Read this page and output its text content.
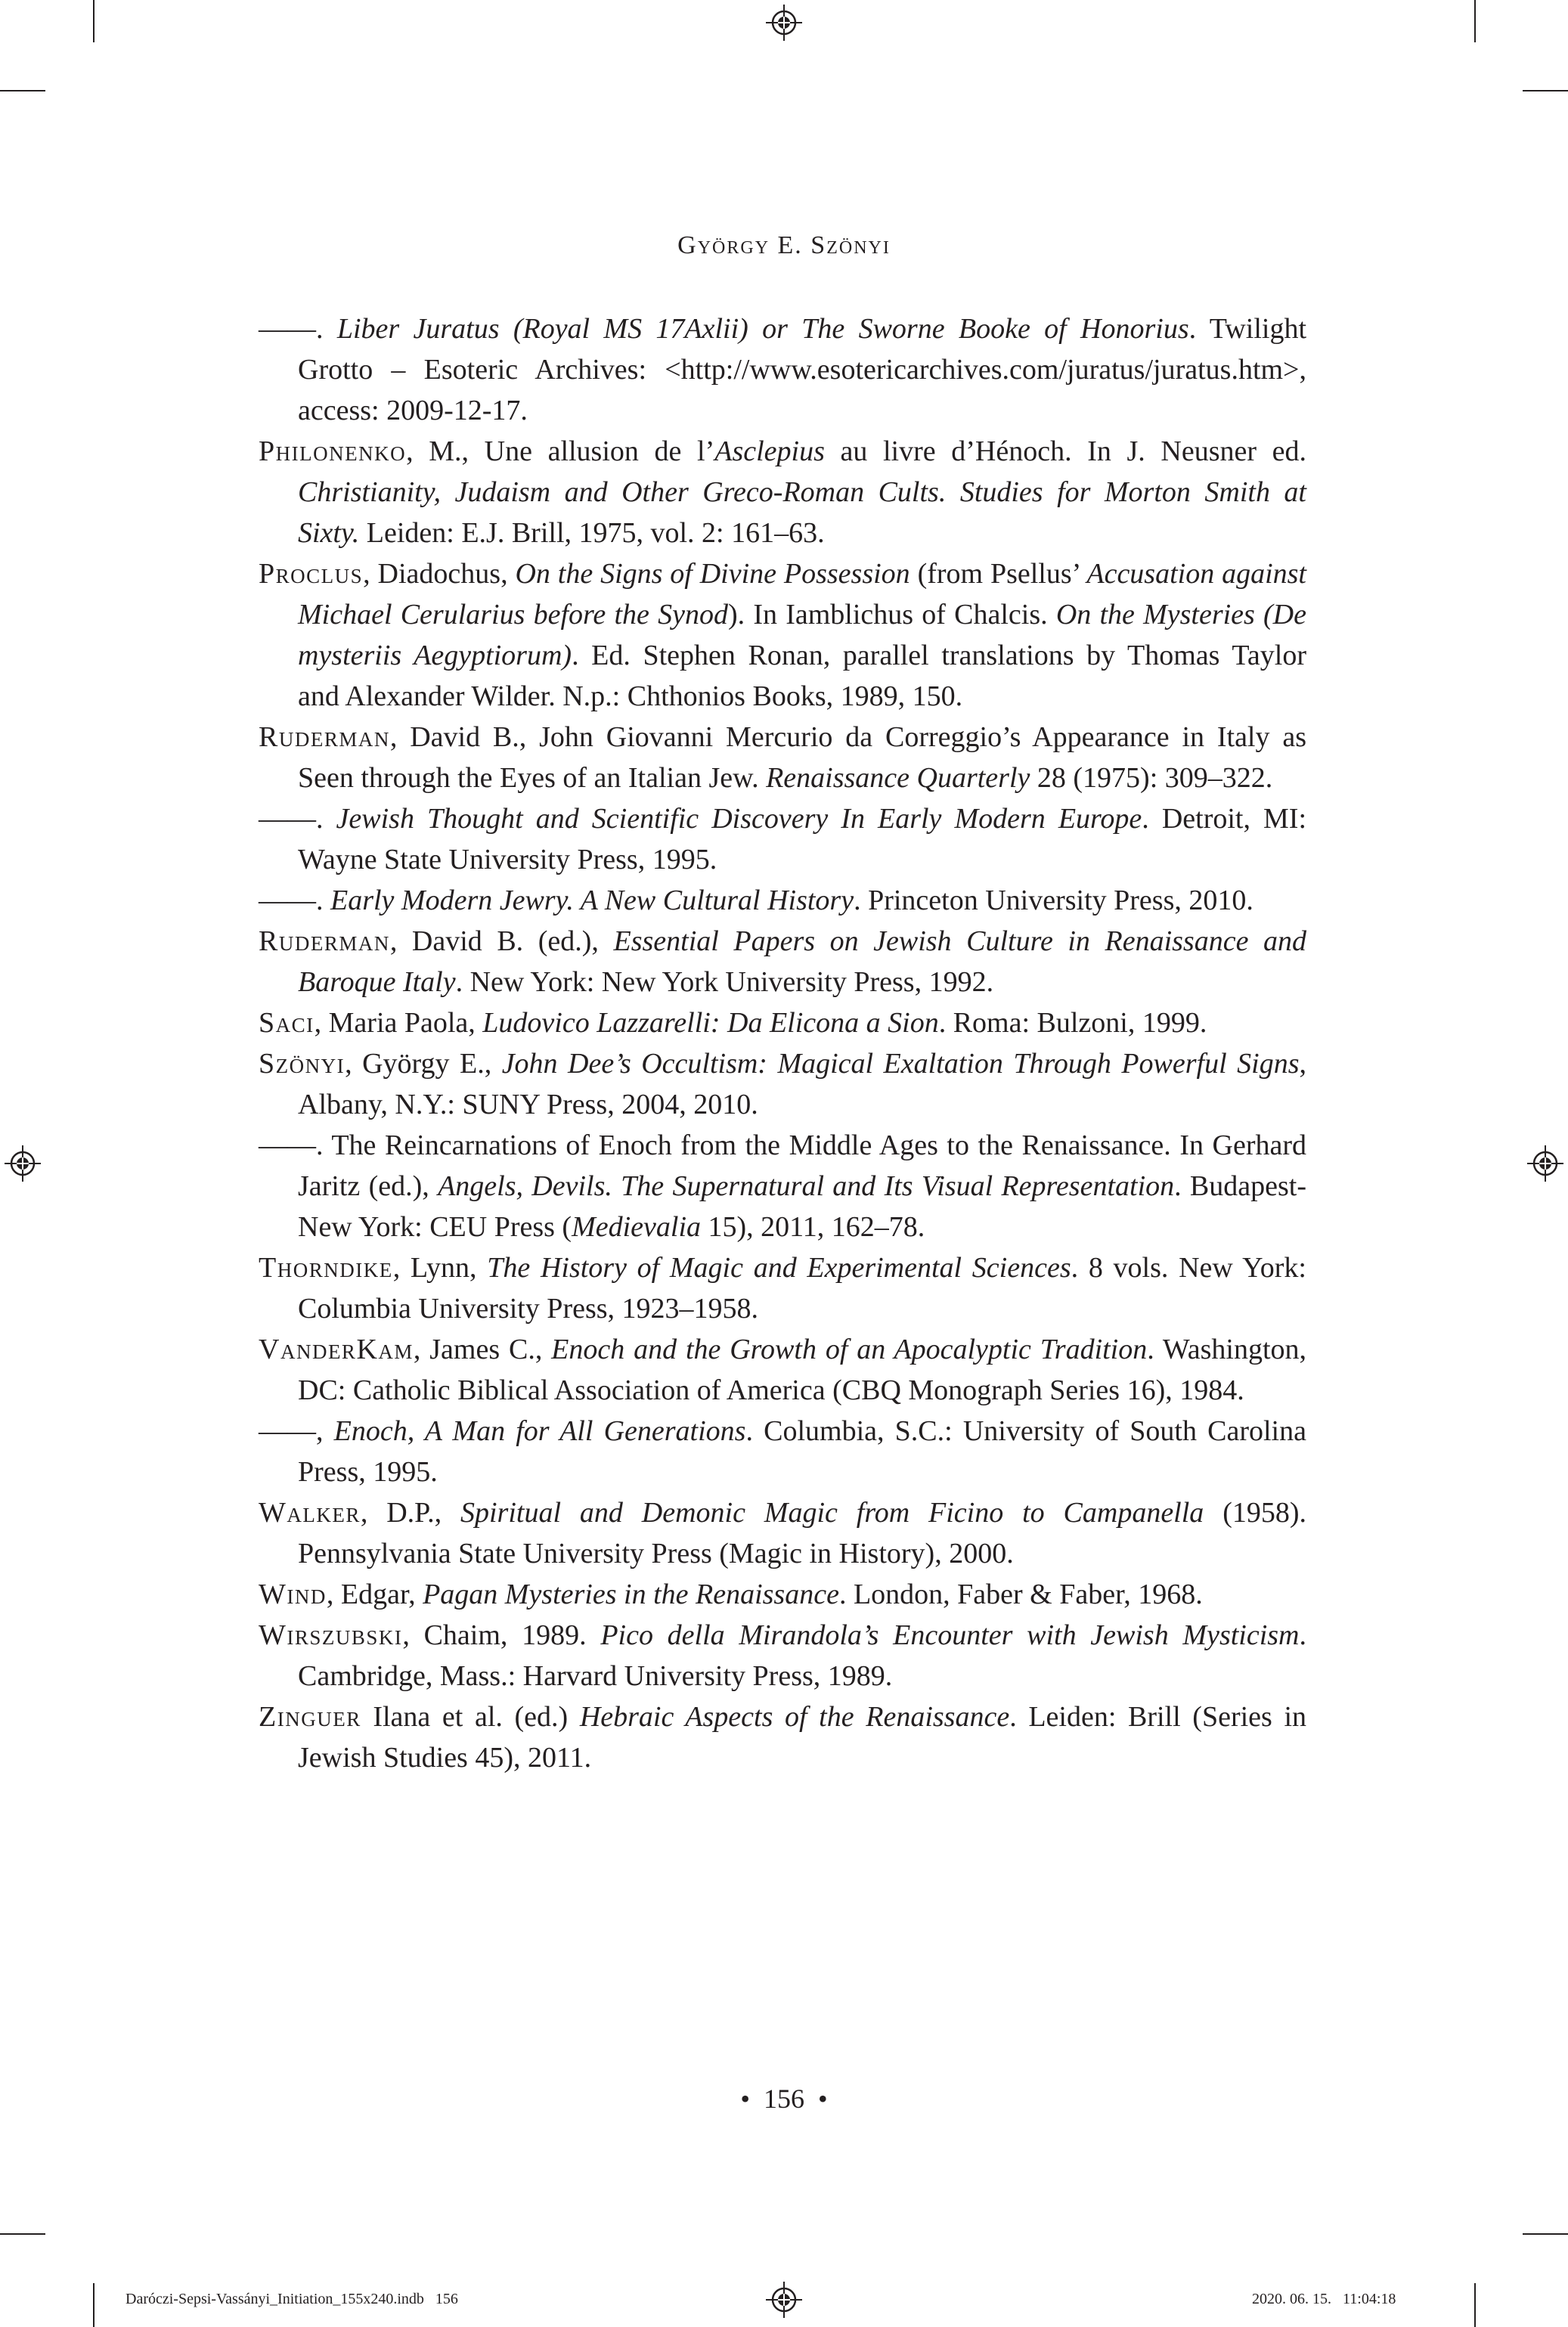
György E. Szönyi
——. Liber Juratus (Royal MS 17Axlii) or The Sworne Booke of Honorius. Twilight Grotto – Esoteric Archives: <http://www.esotericarchives.com/juratus/juratus.htm>, access: 2009-12-17.
Philonenko, M., Une allusion de l’Asclepius au livre d’Hénoch. In J. Neusner ed. Christianity, Judaism and Other Greco-Roman Cults. Studies for Morton Smith at Sixty. Leiden: E.J. Brill, 1975, vol. 2: 161–63.
Proclus, Diadochus, On the Signs of Divine Possession (from Psellus’ Accusation against Michael Cerularius before the Synod). In Iamblichus of Chalcis. On the Mysteries (De mysteriis Aegyptiorum). Ed. Stephen Ronan, parallel translations by Thomas Taylor and Alexander Wilder. N.p.: Chthonios Books, 1989, 150.
Ruderman, David B., John Giovanni Mercurio da Correggio’s Appearance in Italy as Seen through the Eyes of an Italian Jew. Renaissance Quarterly 28 (1975): 309–322.
——. Jewish Thought and Scientific Discovery In Early Modern Europe. Detroit, MI: Wayne State University Press, 1995.
——. Early Modern Jewry. A New Cultural History. Princeton University Press, 2010.
Ruderman, David B. (ed.), Essential Papers on Jewish Culture in Renaissance and Baroque Italy. New York: New York University Press, 1992.
Saci, Maria Paola, Ludovico Lazzarelli: Da Elicona a Sion. Roma: Bulzoni, 1999.
Szönyi, György E., John Dee’s Occultism: Magical Exaltation Through Powerful Signs, Albany, N.Y.: SUNY Press, 2004, 2010.
——. The Reincarnations of Enoch from the Middle Ages to the Renaissance. In Gerhard Jaritz (ed.), Angels, Devils. The Supernatural and Its Visual Representation. Budapest-New York: CEU Press (Medievalia 15), 2011, 162–78.
Thorndike, Lynn, The History of Magic and Experimental Sciences. 8 vols. New York: Columbia University Press, 1923–1958.
VanderKam, James C., Enoch and the Growth of an Apocalyptic Tradition. Washington, DC: Catholic Biblical Association of America (CBQ Monograph Series 16), 1984.
——, Enoch, A Man for All Generations. Columbia, S.C.: University of South Carolina Press, 1995.
Walker, D.P., Spiritual and Demonic Magic from Ficino to Campanella (1958). Pennsylvania State University Press (Magic in History), 2000.
Wind, Edgar, Pagan Mysteries in the Renaissance. London, Faber & Faber, 1968.
Wirszubski, Chaim, 1989. Pico della Mirandola’s Encounter with Jewish Mysticism. Cambridge, Mass.: Harvard University Press, 1989.
Zinguer Ilana et al. (ed.) Hebraic Aspects of the Renaissance. Leiden: Brill (Series in Jewish Studies 45), 2011.
• 156 •
Daróczi-Sepsi-Vassányi_Initiation_155x240.indb   156	2020. 06. 15.   11:04:18
